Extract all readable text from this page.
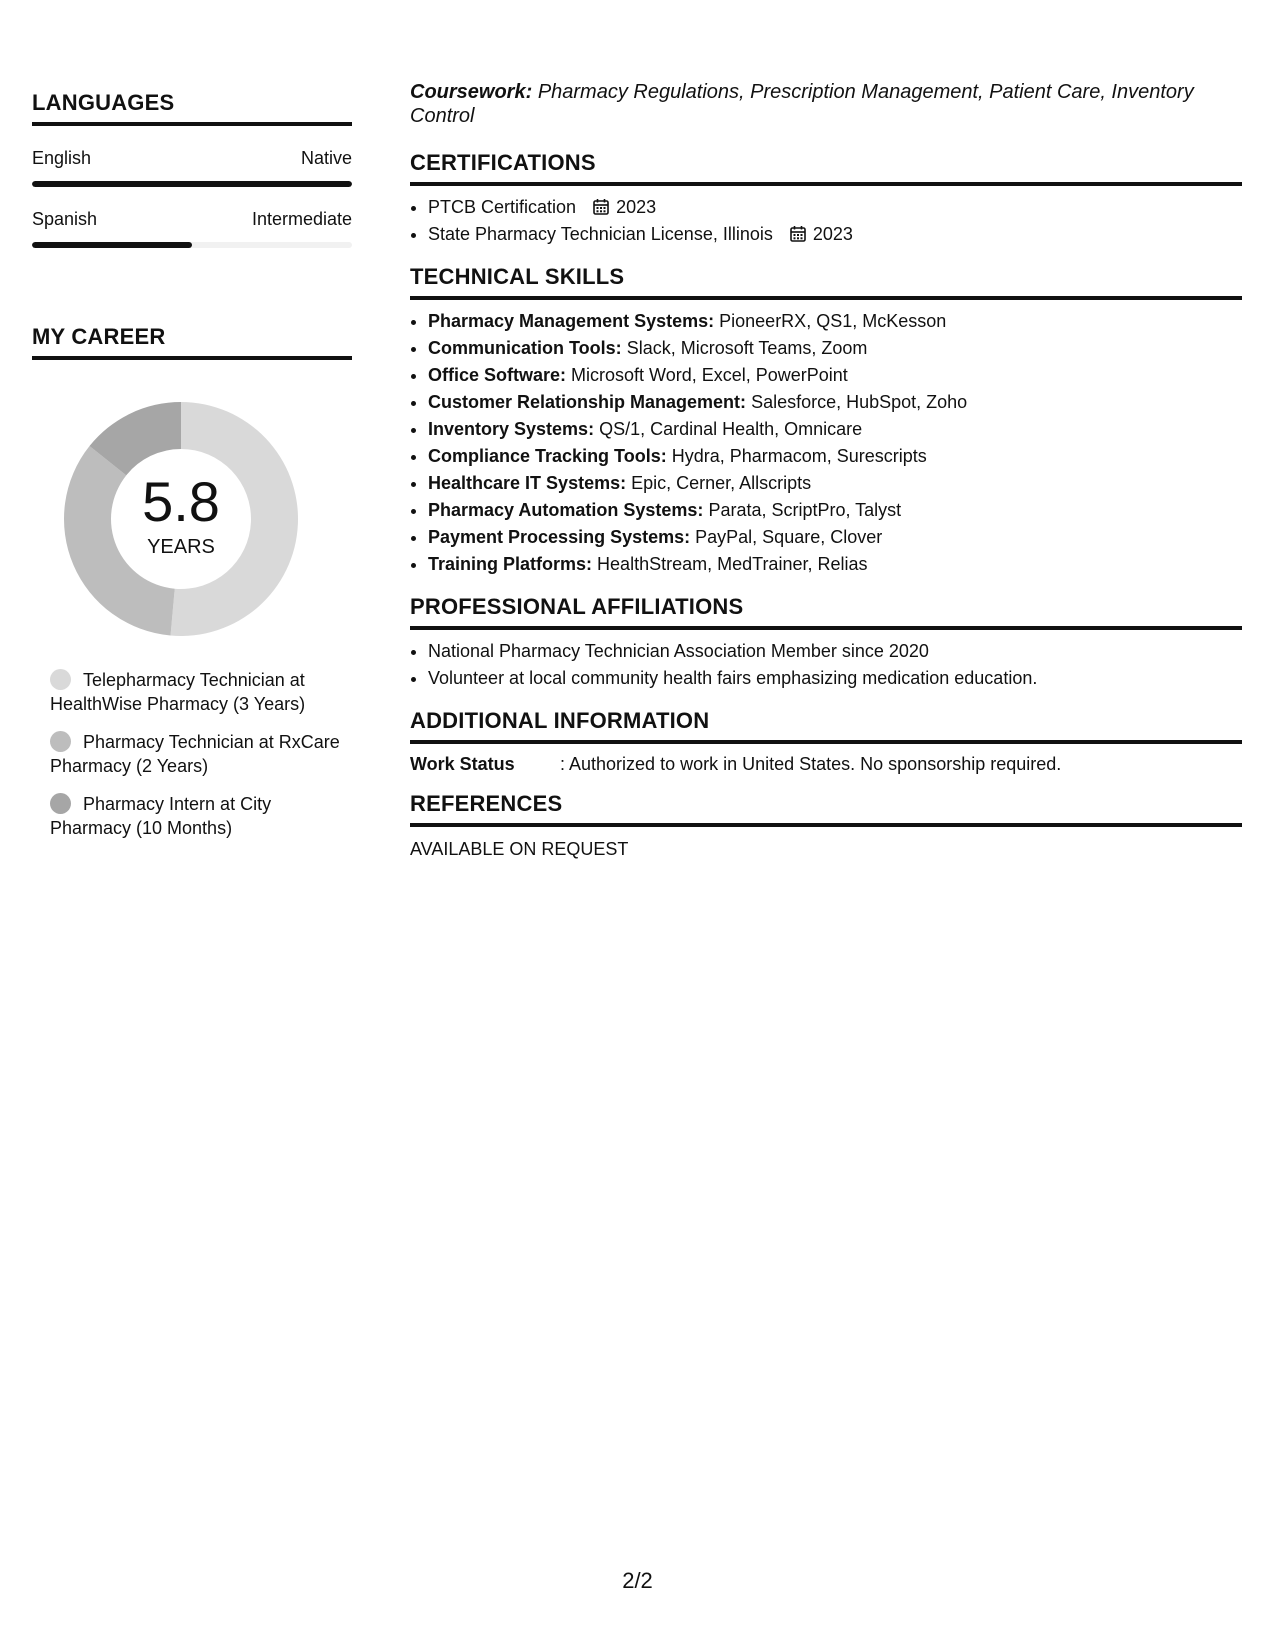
LANGUAGES
English	Native
Spanish	Intermediate
MY CAREER
5.8
YEARS
Telepharmacy Technician at HealthWise Pharmacy (3 Years)
Pharmacy Technician at RxCare Pharmacy (2 Years)
Pharmacy Intern at City Pharmacy (10 Months)

Coursework: Pharmacy Regulations, Prescription Management, Patient Care, Inventory Control

CERTIFICATIONS
• PTCB Certification 2023
• State Pharmacy Technician License, Illinois 2023
TECHNICAL SKILLS
• Pharmacy Management Systems: PioneerRX, QS1, McKesson
• Communication Tools: Slack, Microsoft Teams, Zoom
• Office Software: Microsoft Word, Excel, PowerPoint
• Customer Relationship Management: Salesforce, HubSpot, Zoho
• Inventory Systems: QS/1, Cardinal Health, Omnicare
• Compliance Tracking Tools: Hydra, Pharmacom, Surescripts
• Healthcare IT Systems: Epic, Cerner, Allscripts
• Pharmacy Automation Systems: Parata, ScriptPro, Talyst
• Payment Processing Systems: PayPal, Square, Clover
• Training Platforms: HealthStream, MedTrainer, Relias
PROFESSIONAL AFFILIATIONS
• National Pharmacy Technician Association Member since 2020
• Volunteer at local community health fairs emphasizing medication education.
ADDITIONAL INFORMATION
Work Status	: Authorized to work in United States. No sponsorship required.
REFERENCES
AVAILABLE ON REQUEST
2/2
